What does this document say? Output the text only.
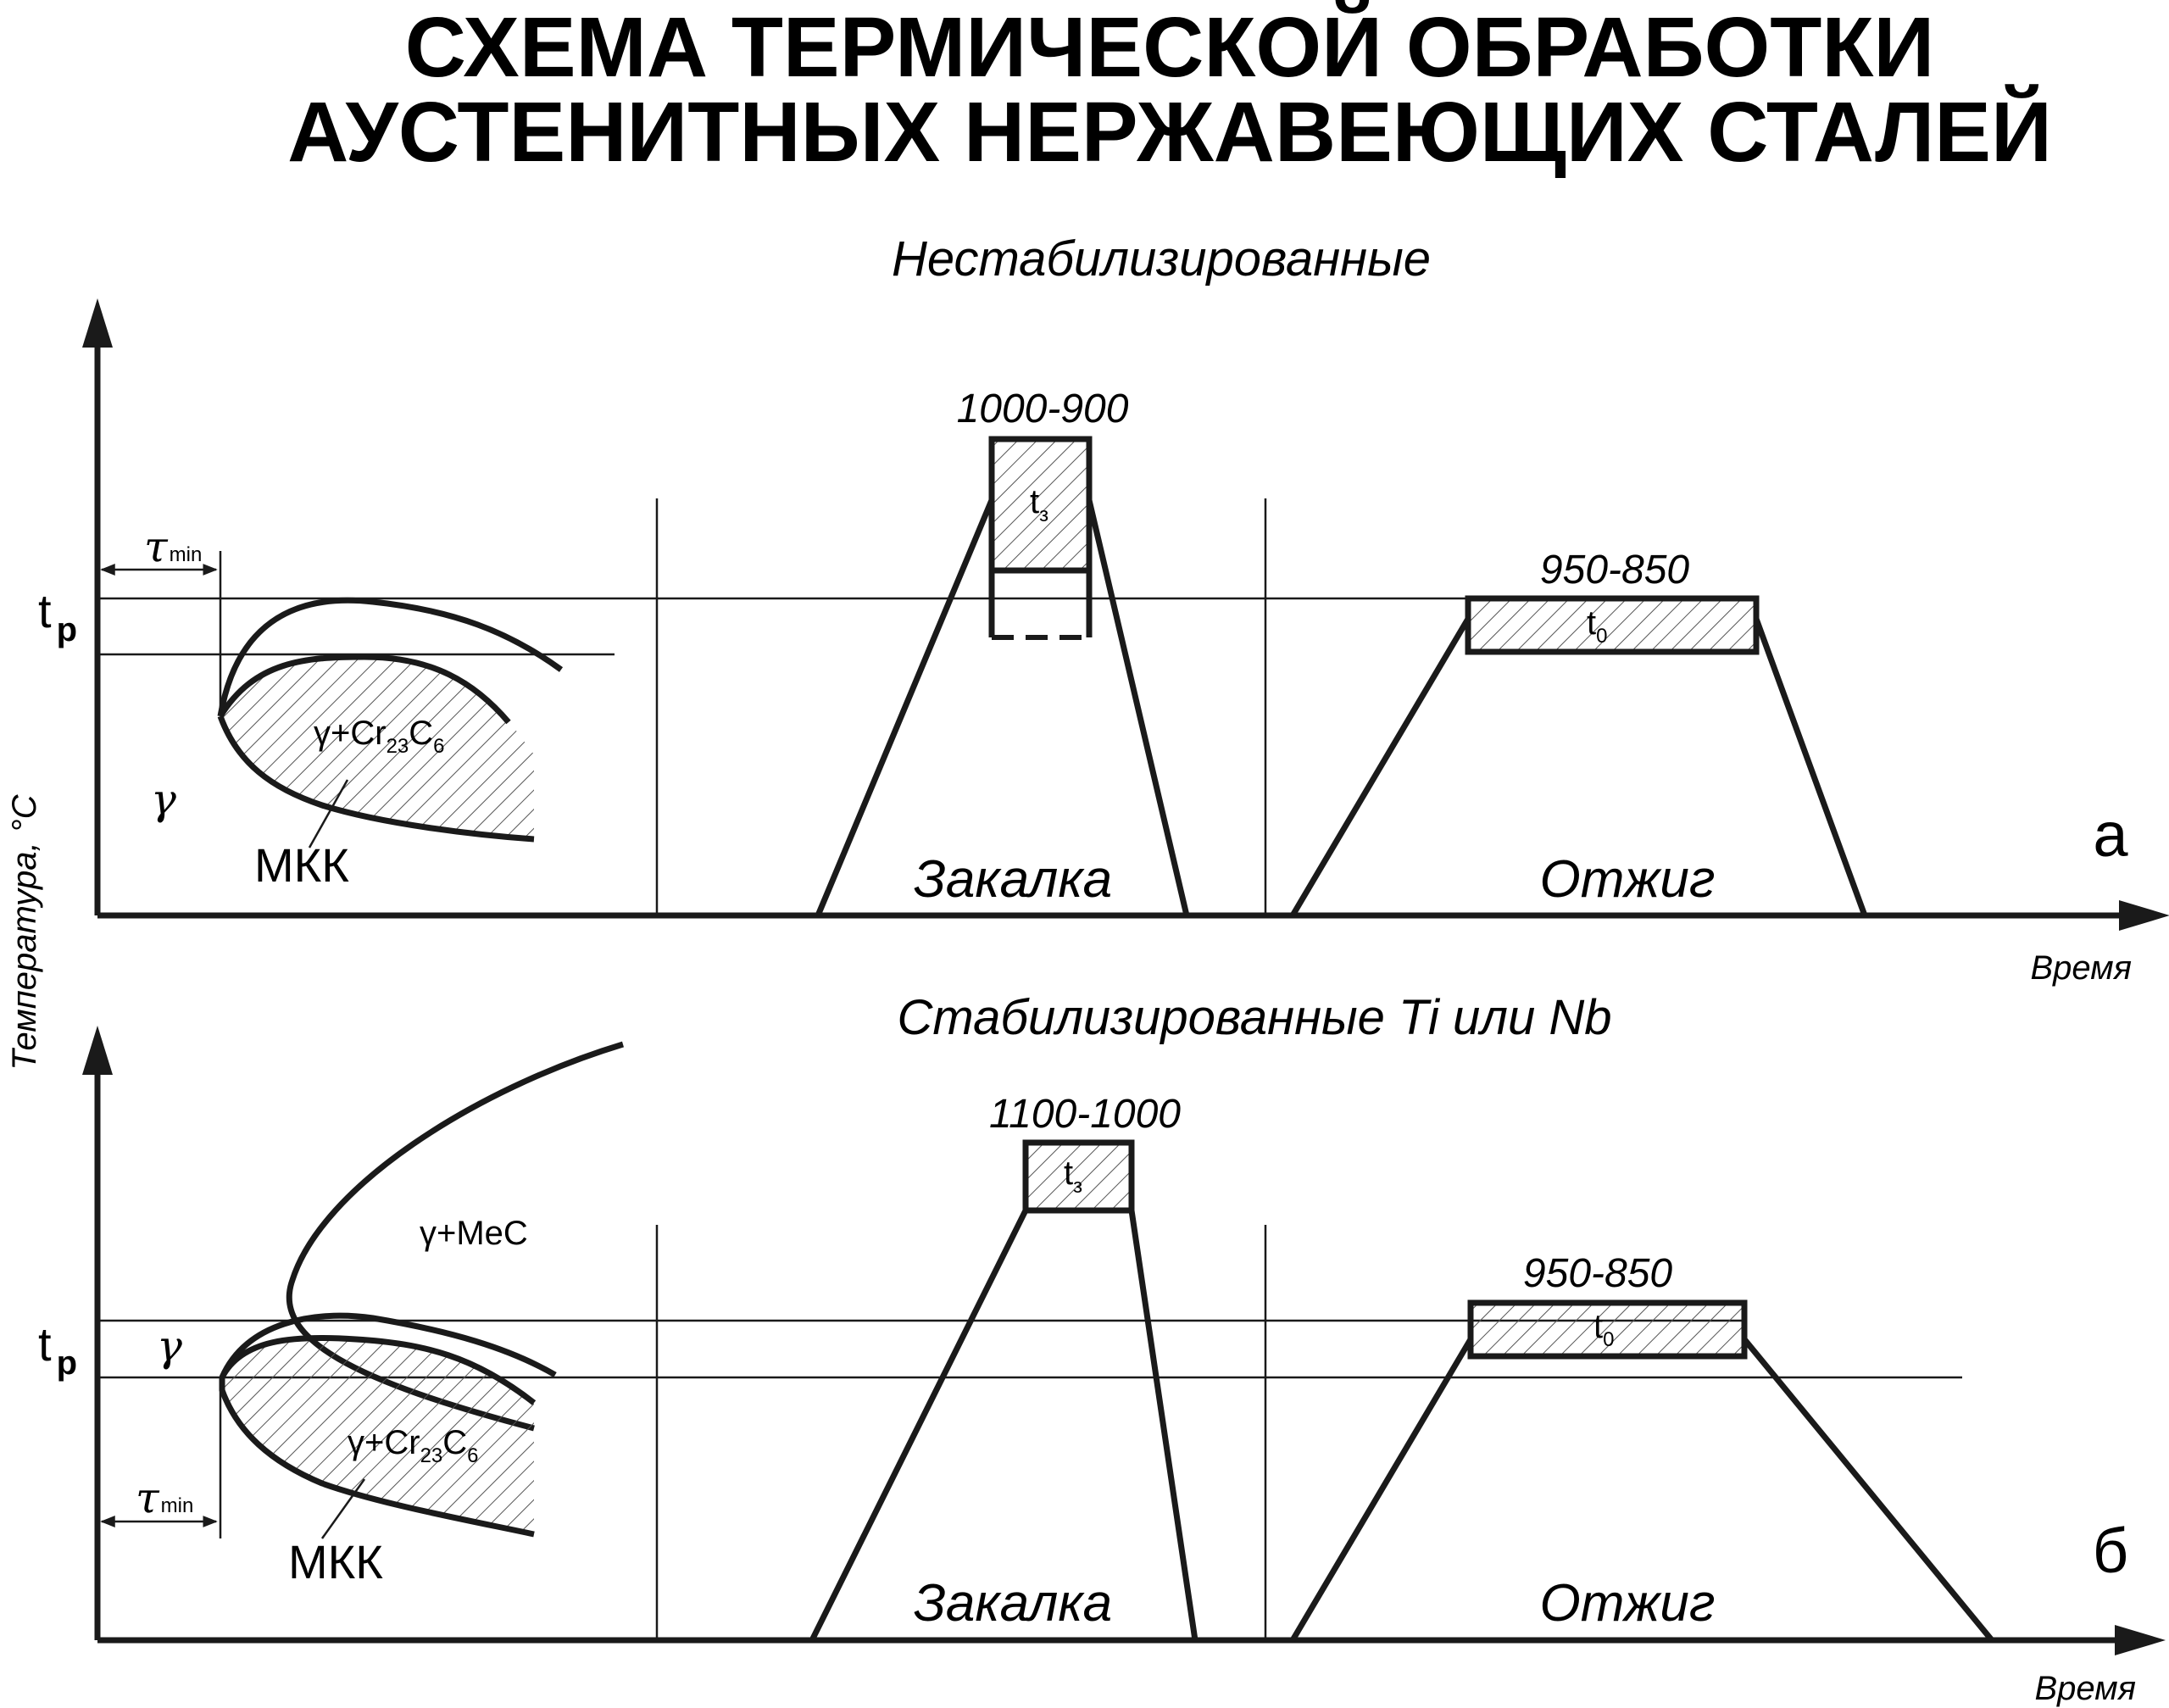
СХЕМА ТЕРМИЧЕСКОЙ ОБРАБОТКИ
АУСТЕНИТНЫХ НЕРЖАВЕЮЩИХ СТАЛЕЙ
Температура, °С
Нестабилизированные
Время
а
t $_р$
τmin
$\gamma+Cr_{23}C_6$
γ
МКК
1000-900
$t_з$
Закалка
950-850
$t_0$
Отжиг
Стабилизированные Ti или Nb
Время
б
t $_р$
τmin
γ+MeC
$\gamma+Cr_{23}C_6$
γ
МКК
1100-1000
$t_з$
Закалка
950-850
$t_0$
Отжиг
